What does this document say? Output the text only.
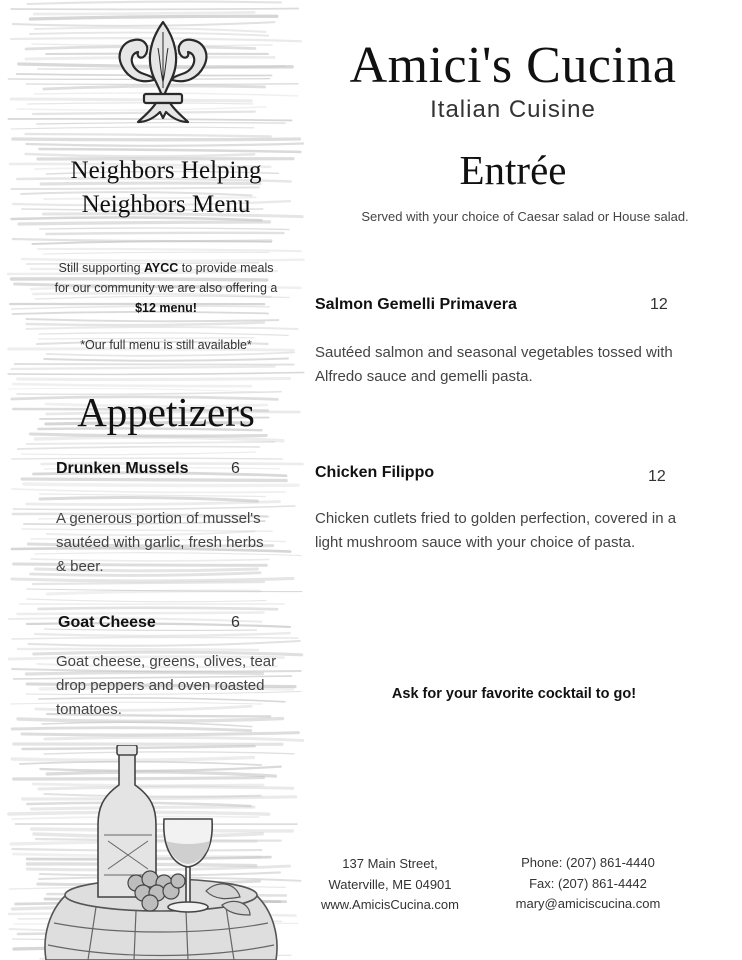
Neighbors Helping
Neighbors Menu
Still supporting AYCC to provide meals for our community we are also offering a $12 menu!
*Our full menu is still available*
Appetizers
Drunken Mussels	6
A generous portion of mussel's
sautéed with garlic, fresh herbs
& beer.
Goat Cheese	6
Goat cheese, greens, olives, tear
drop peppers and oven roasted
tomatoes.
Amici's Cucina
Italian Cuisine
Entrée
Served with your choice of Caesar salad or House salad.
Salmon Gemelli Primavera	12
Sautéed salmon and seasonal vegetables tossed with
Alfredo sauce and gemelli pasta.
Chicken Filippo	12
Chicken cutlets fried to golden perfection, covered in a
light mushroom sauce with your choice of pasta.
Ask for your favorite cocktail to go!
137 Main Street,
Waterville, ME 04901
www.AmicisCucina.com
Phone: (207) 861-4440
Fax: (207) 861-4442
mary@amiciscucina.com
